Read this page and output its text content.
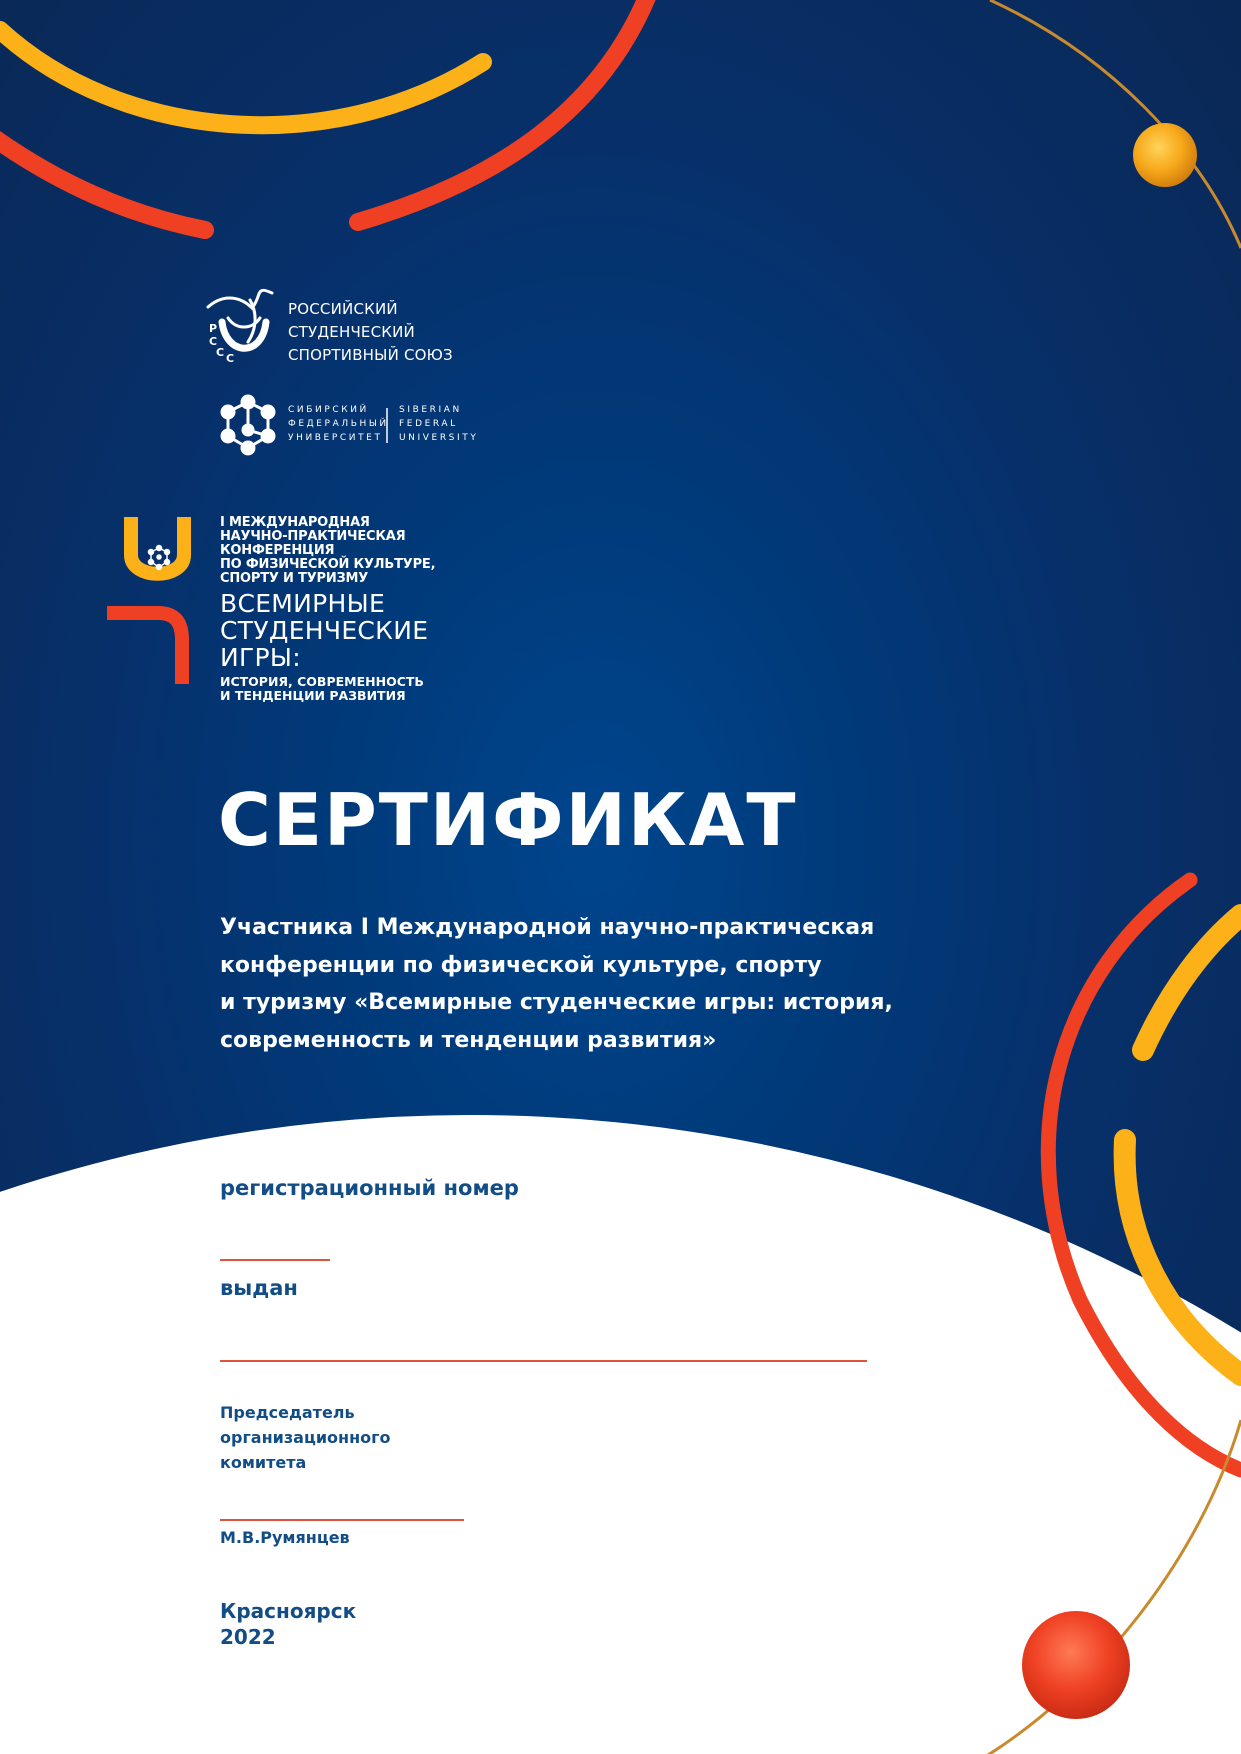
Р
С
С С
РОССИЙСКИЙ
СТУДЕНЧЕСКИЙ
СПОРТИВНЫЙ СОЮЗ
СИБИРСКИЙ
ФЕДЕРАЛЬНЫЙ
УНИВЕРСИТЕТ
SIBERIAN
FEDERAL
UNIVERSITY
I МЕЖДУНАРОДНАЯ
НАУЧНО-ПРАКТИЧЕСКАЯ КОНФЕРЕНЦИЯ
ПО ФИЗИЧЕСКОЙ КУЛЬТУРЕ,
СПОРТУ И ТУРИЗМУ
ВСЕМИРНЫЕ
СТУДЕНЧЕСКИЕ
ИГРЫ:
ИСТОРИЯ, СОВРЕМЕННОСТЬ
И ТЕНДЕНЦИИ РАЗВИТИЯ
СЕРТИФИКАТ
Участника I Международной научно-практическая
конференции по физической культуре, спорту
и туризму «Всемирные студенческие игры: история,
современность и тенденции развития»
регистрационный номер
выдан
Председатель
организационного
комитета
М.В.Румянцев
Красноярск
2022
